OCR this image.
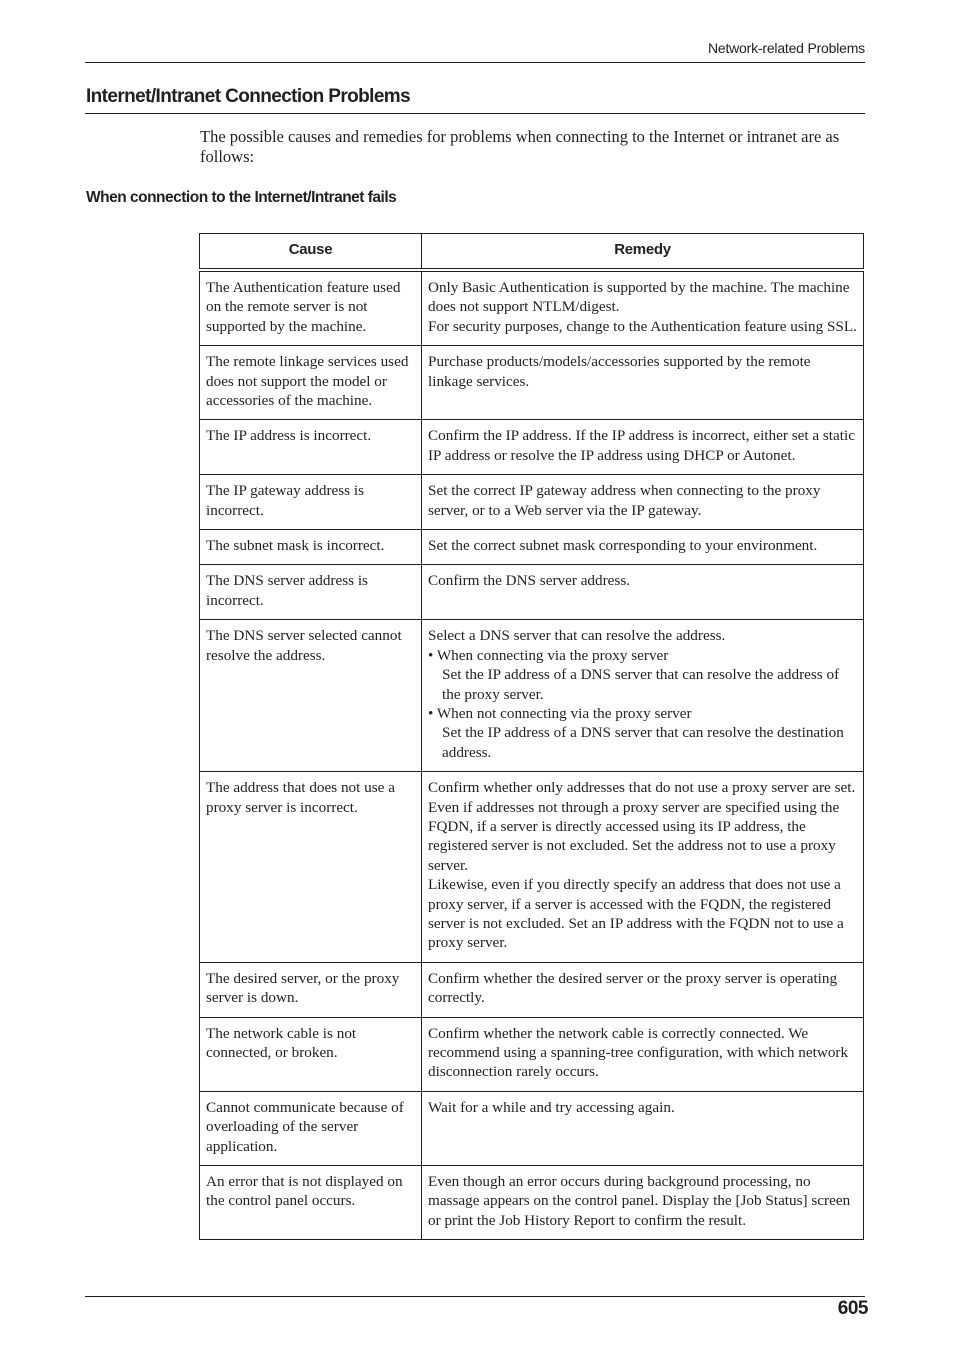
Network-related Problems
Internet/Intranet Connection Problems

The possible causes and remedies for problems when connecting to the Internet or intranet are as follows:

When connection to the Internet/Intranet fails
Cause	Remedy
The Authentication feature used on the remote server is not supported by the machine.	Only Basic Authentication is supported by the machine. The machine does not support NTLM/digest.
For security purposes, change to the Authentication feature using SSL.

The remote linkage services used does not support the model or accessories of the machine.	Purchase products/models/accessories supported by the remote linkage services.

The IP address is incorrect.	Confirm the IP address. If the IP address is incorrect, either set a static IP address or resolve the IP address using DHCP or Autonet.

The IP gateway address is incorrect.	Set the correct IP gateway address when connecting to the proxy server, or to a Web server via the IP gateway.

The subnet mask is incorrect.	Set the correct subnet mask corresponding to your environment.

The DNS server address is incorrect.	Confirm the DNS server address.

The DNS server selected cannot resolve the address.	Select a DNS server that can resolve the address.
• When connecting via the proxy server
Set the IP address of a DNS server that can resolve the address of the proxy server.
• When not connecting via the proxy server
Set the IP address of a DNS server that can resolve the destination address.

The address that does not use a proxy server is incorrect.	Confirm whether only addresses that do not use a proxy server are set. Even if addresses not through a proxy server are specified using the FQDN, if a server is directly accessed using its IP address, the registered server is not excluded. Set the address not to use a proxy server.
Likewise, even if you directly specify an address that does not use a proxy server, if a server is accessed with the FQDN, the registered server is not excluded. Set an IP address with the FQDN not to use a proxy server.

The desired server, or the proxy server is down.	Confirm whether the desired server or the proxy server is operating correctly.

The network cable is not connected, or broken.	Confirm whether the network cable is correctly connected. We recommend using a spanning-tree configuration, with which network disconnection rarely occurs.

Cannot communicate because of overloading of the server application.	Wait for a while and try accessing again.

An error that is not displayed on the control panel occurs.	Even though an error occurs during background processing, no massage appears on the control panel. Display the [Job Status] screen or print the Job History Report to confirm the result.
605
